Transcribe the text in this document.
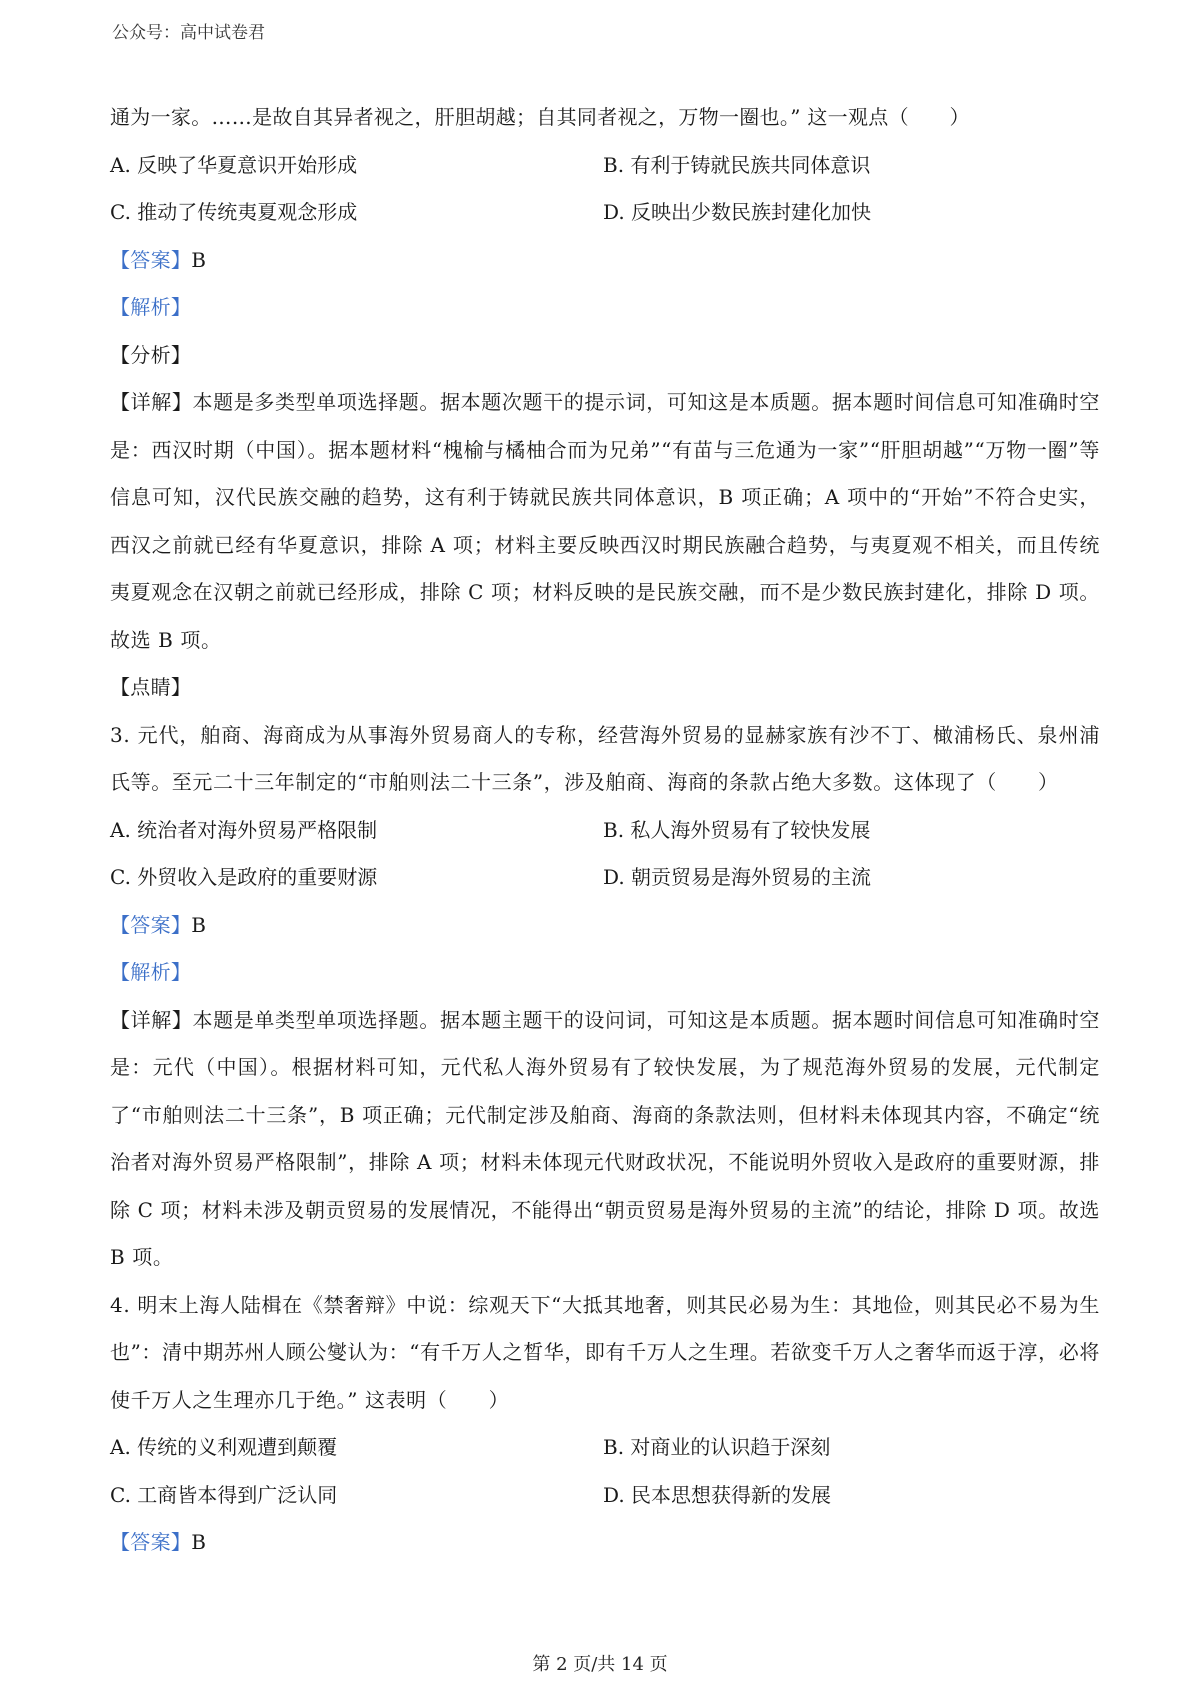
公众号：高中试卷君
通为一家。……是故自其异者视之，肝胆胡越；自其同者视之，万物一圈也。” 这一观点（　　）
A. 反映了华夏意识开始形成	B. 有利于铸就民族共同体意识
C. 推动了传统夷夏观念形成	D. 反映出少数民族封建化加快
【答案】B
【解析】
【分析】
【详解】本题是多类型单项选择题。据本题次题干的提示词，可知这是本质题。据本题时间信息可知准确时空是：西汉时期（中国）。据本题材料“槐榆与橘柚合而为兄弟”“有苗与三危通为一家”“肝胆胡越”“万物一圈”等信息可知，汉代民族交融的趋势，这有利于铸就民族共同体意识，B 项正确；A 项中的“开始”不符合史实，西汉之前就已经有华夏意识，排除 A 项；材料主要反映西汉时期民族融合趋势，与夷夏观不相关，而且传统夷夏观念在汉朝之前就已经形成，排除 C 项；材料反映的是民族交融，而不是少数民族封建化，排除 D 项。故选 B 项。
【点睛】
3. 元代，舶商、海商成为从事海外贸易商人的专称，经营海外贸易的显赫家族有沙不丁、橄浦杨氏、泉州浦氏等。至元二十三年制定的“市舶则法二十三条”，涉及舶商、海商的条款占绝大多数。这体现了（　　）
A. 统治者对海外贸易严格限制	B. 私人海外贸易有了较快发展
C. 外贸收入是政府的重要财源	D. 朝贡贸易是海外贸易的主流
【答案】B
【解析】
【详解】本题是单类型单项选择题。据本题主题干的设问词，可知这是本质题。据本题时间信息可知准确时空是：元代（中国）。根据材料可知，元代私人海外贸易有了较快发展，为了规范海外贸易的发展，元代制定了“市舶则法二十三条”，B 项正确；元代制定涉及舶商、海商的条款法则，但材料未体现其内容，不确定“统治者对海外贸易严格限制”，排除 A 项；材料未体现元代财政状况，不能说明外贸收入是政府的重要财源，排除 C 项；材料未涉及朝贡贸易的发展情况，不能得出“朝贡贸易是海外贸易的主流”的结论，排除 D 项。故选 B 项。
4. 明末上海人陆楫在《禁奢辩》中说：综观天下“大抵其地奢，则其民必易为生：其地俭，则其民必不易为生也”：清中期苏州人顾公燮认为：“有千万人之晳华，即有千万人之生理。若欲变千万人之奢华而返于淳，必将使千万人之生理亦几于绝。” 这表明（　　）
A. 传统的义利观遭到颠覆	B. 对商业的认识趋于深刻
C. 工商皆本得到广泛认同	D. 民本思想获得新的发展
【答案】B
第 2 页/共 14 页
